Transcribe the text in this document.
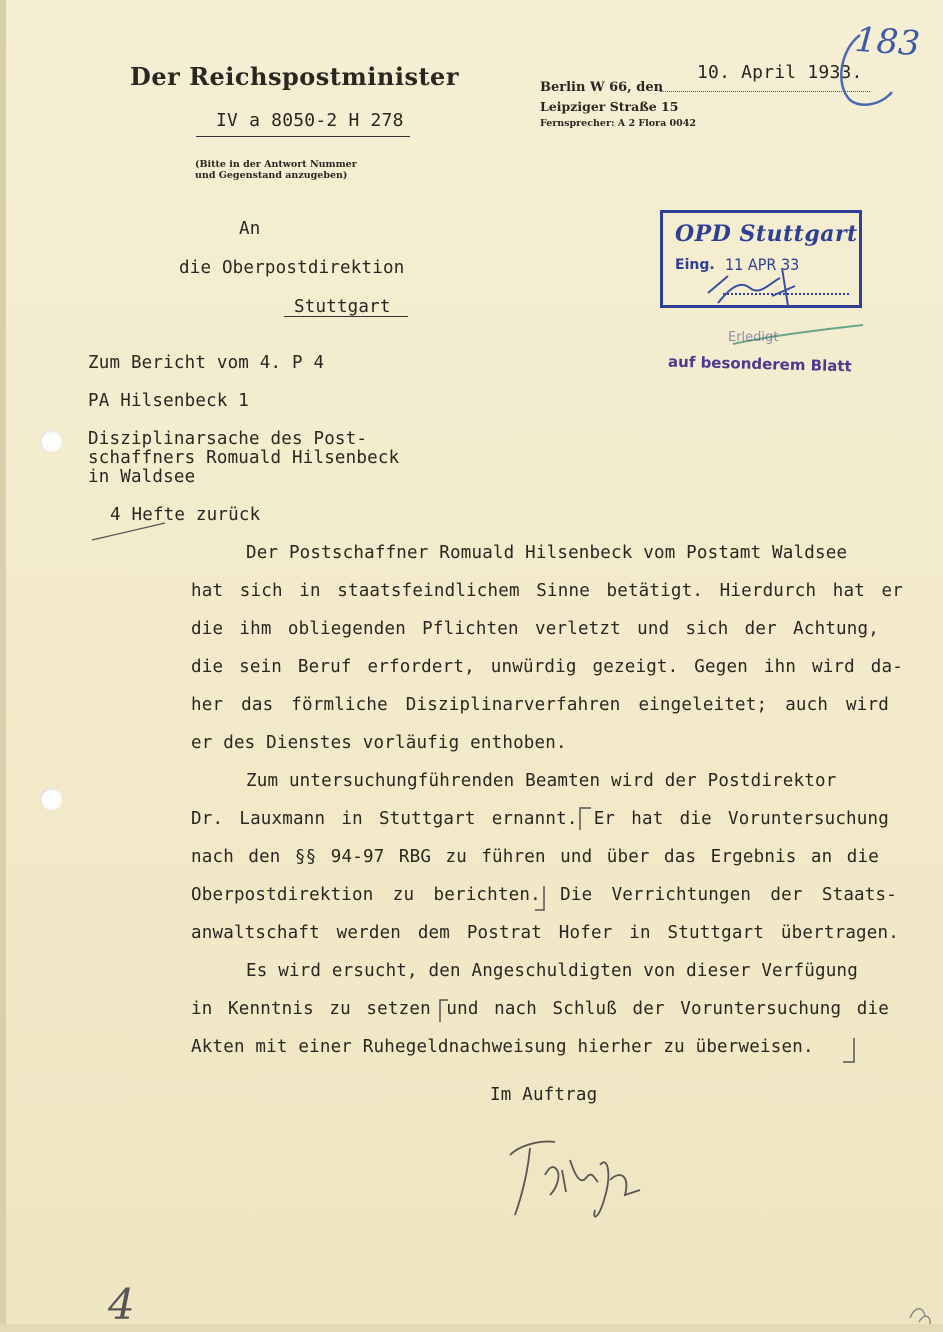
Der Reichspostminister
IV a 8050-2 H 278
(Bitte in der Antwort Nummer
und Gegenstand anzugeben)
Berlin W 66, den
10. April 1933.
Leipziger Straße 15
Fernsprecher: A 2 Flora 0042
183
An
die Oberpostdirektion
Stuttgart
OPD Stuttgart
Eing. 11 APR 33
Erledigt
auf besonderem Blatt
Zum Bericht vom 4. P 4
PA Hilsenbeck 1
Disziplinarsache des Post-
schaffners Romuald Hilsenbeck
in Waldsee
4 Hefte zurück
Der Postschaffner Romuald Hilsenbeck vom Postamt Waldsee
hat sich in staatsfeindlichem Sinne betätigt. Hierdurch hat er
die ihm obliegenden Pflichten verletzt und sich der Achtung,
die sein Beruf erfordert, unwürdig gezeigt. Gegen ihn wird da-
her das förmliche Disziplinarverfahren eingeleitet; auch wird
er des Dienstes vorläufig enthoben.
Zum untersuchungführenden Beamten wird der Postdirektor
Dr. Lauxmann in Stuttgart ernannt. Er hat die Voruntersuchung
nach den §§ 94-97 RBG zu führen und über das Ergebnis an die
Oberpostdirektion zu berichten. Die Verrichtungen der Staats-
anwaltschaft werden dem Postrat Hofer in Stuttgart übertragen.
Es wird ersucht, den Angeschuldigten von dieser Verfügung
in Kenntnis zu setzen und nach Schluß der Voruntersuchung die
Akten mit einer Ruhegeldnachweisung hierher zu überweisen.
Im Auftrag
4
